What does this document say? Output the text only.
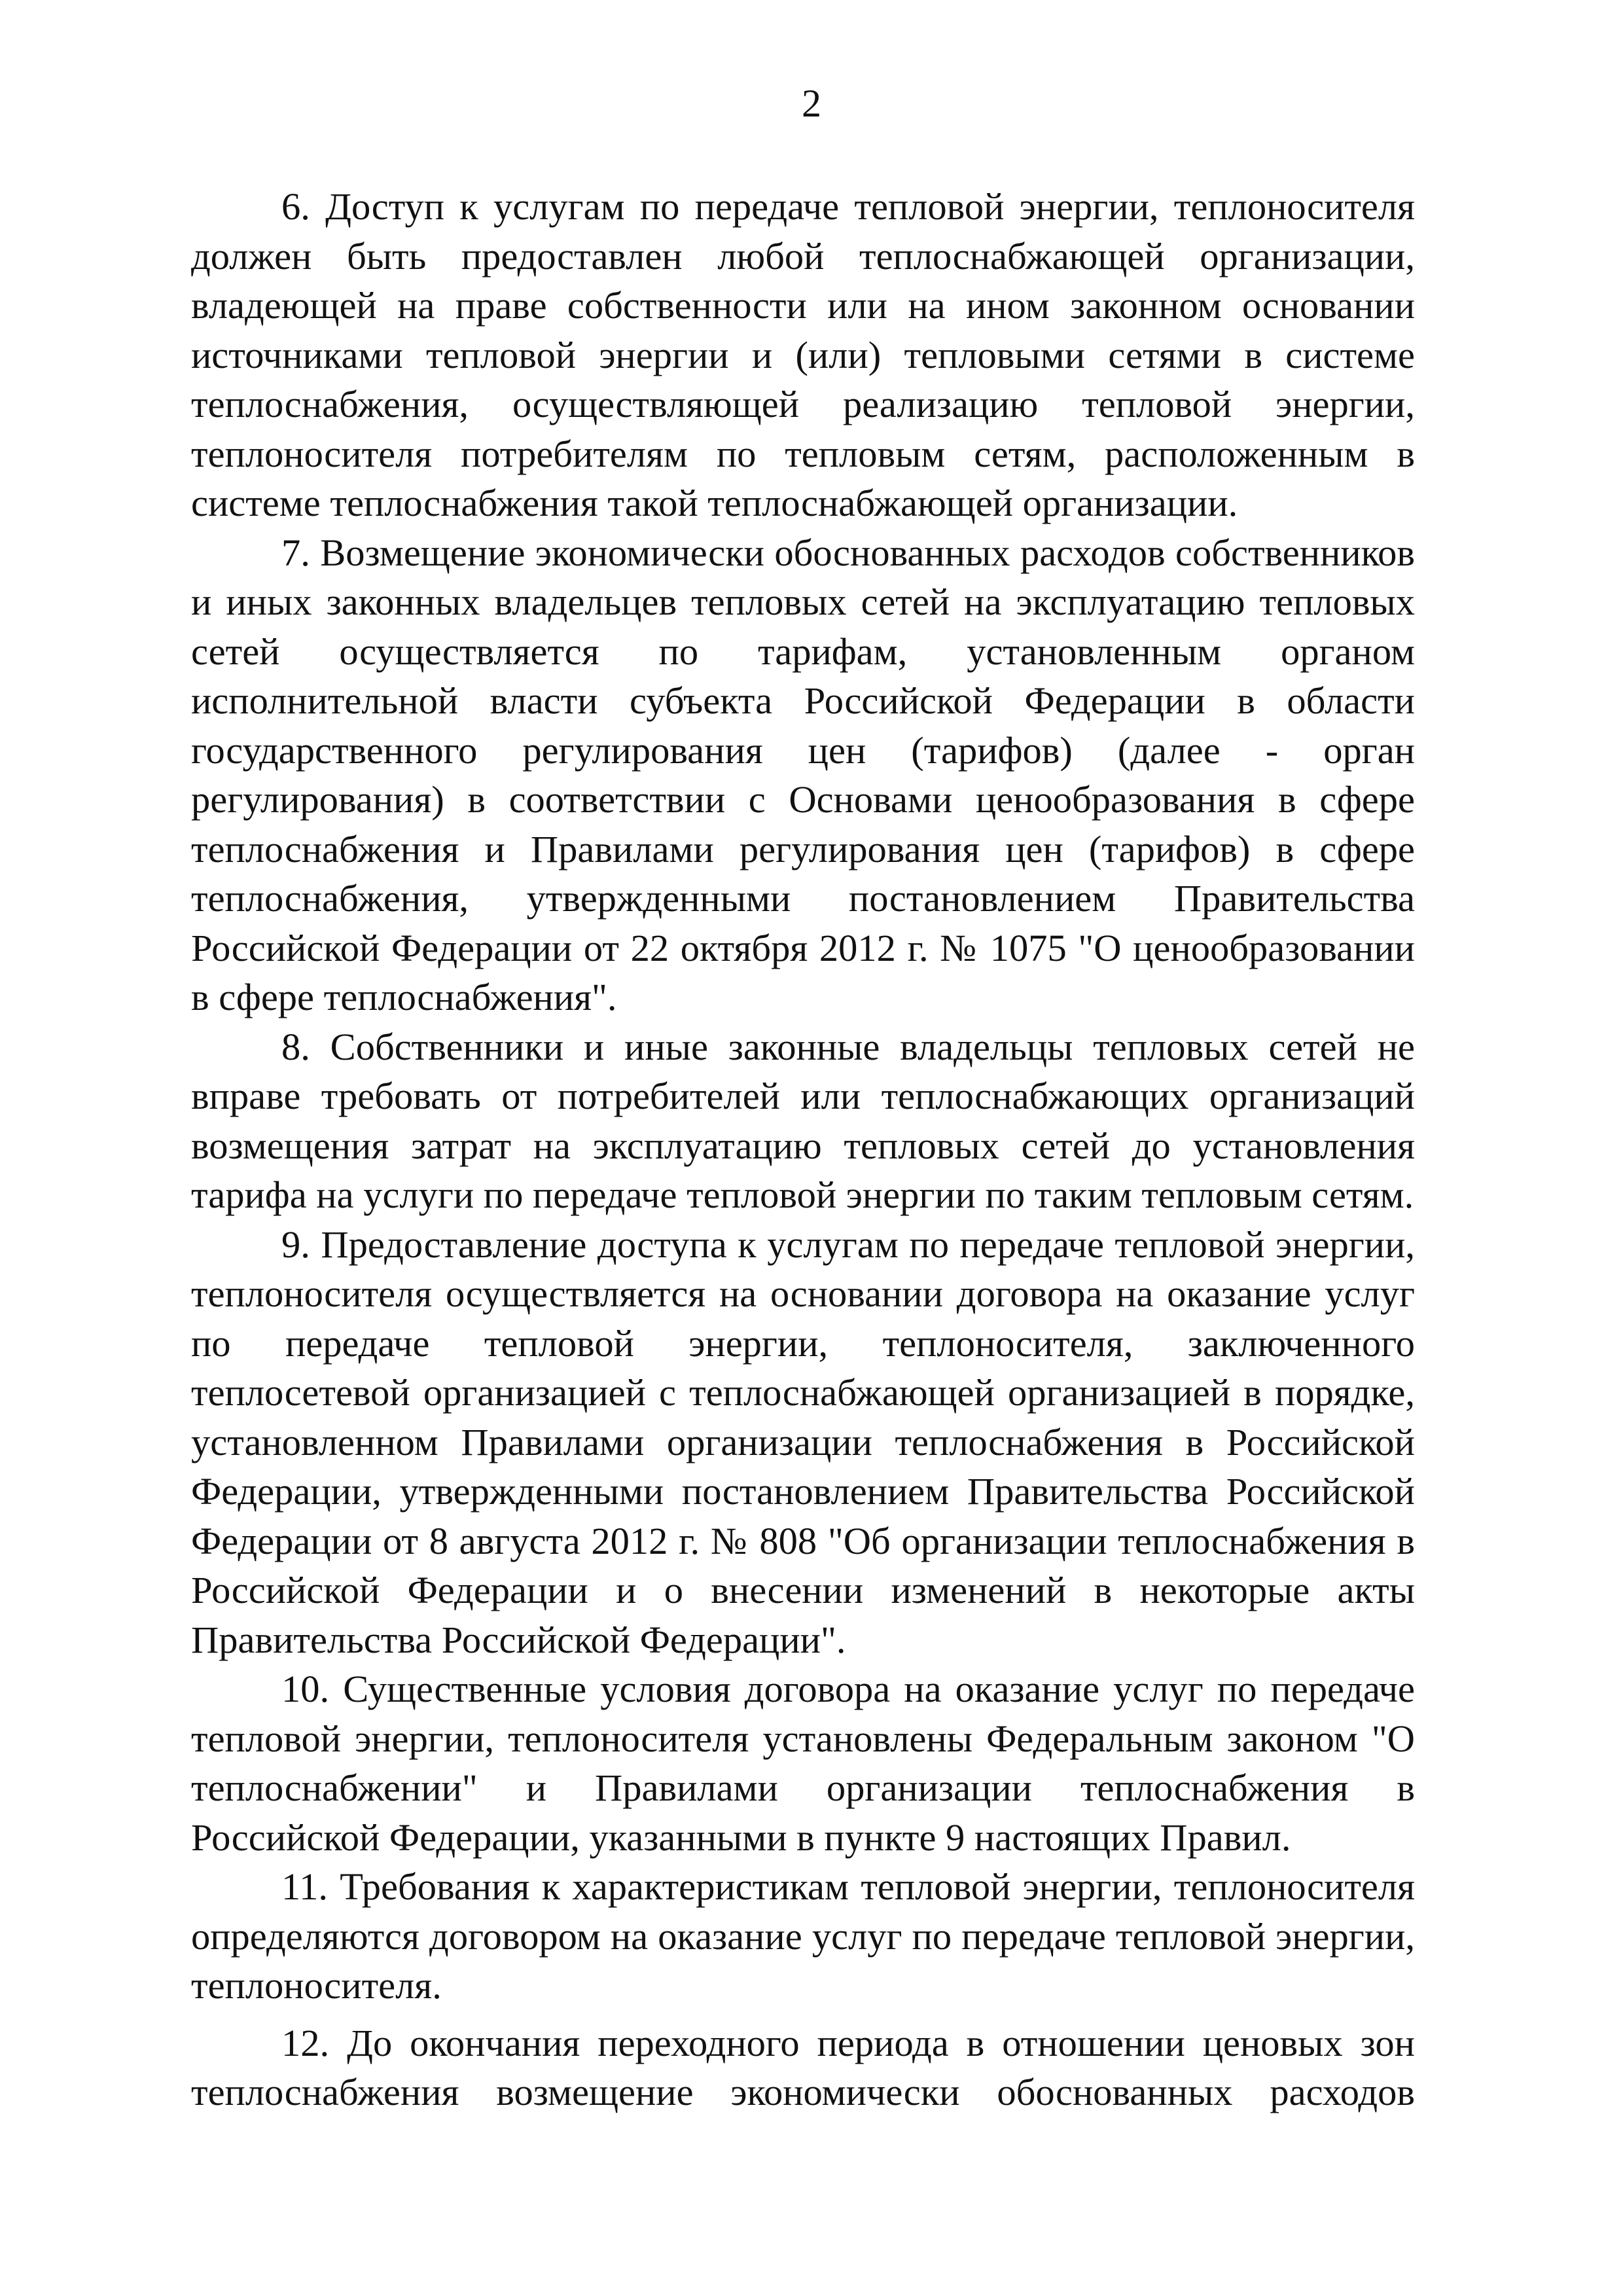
2

6. Доступ к услугам по передаче тепловой энергии, теплоносителя должен быть предоставлен любой теплоснабжающей организации, владеющей на праве собственности или на ином законном основании источниками тепловой энергии и (или) тепловыми сетями в системе теплоснабжения, осуществляющей реализацию тепловой энергии, теплоносителя потребителям по тепловым сетям, расположенным в системе теплоснабжения такой теплоснабжающей организации.

7. Возмещение экономически обоснованных расходов собственников и иных законных владельцев тепловых сетей на эксплуатацию тепловых сетей осуществляется по тарифам, установленным органом исполнительной власти субъекта Российской Федерации в области государственного регулирования цен (тарифов) (далее - орган регулирования) в соответствии с Основами ценообразования в сфере теплоснабжения и Правилами регулирования цен (тарифов) в сфере теплоснабжения, утвержденными постановлением Правительства Российской Федерации от 22 октября 2012 г. № 1075 "О ценообразовании в сфере теплоснабжения".

8. Собственники и иные законные владельцы тепловых сетей не вправе требовать от потребителей или теплоснабжающих организаций возмещения затрат на эксплуатацию тепловых сетей до установления тарифа на услуги по передаче тепловой энергии по таким тепловым сетям.

9. Предоставление доступа к услугам по передаче тепловой энергии, теплоносителя осуществляется на основании договора на оказание услуг по передаче тепловой энергии, теплоносителя, заключенного теплосетевой организацией с теплоснабжающей организацией в порядке, установленном Правилами организации теплоснабжения в Российской Федерации, утвержденными постановлением Правительства Российской Федерации от 8 августа 2012 г. № 808 "Об организации теплоснабжения в Российской Федерации и о внесении изменений в некоторые акты Правительства Российской Федерации".

10. Существенные условия договора на оказание услуг по передаче тепловой энергии, теплоносителя установлены Федеральным законом "О теплоснабжении" и Правилами организации теплоснабжения в Российской Федерации, указанными в пункте 9 настоящих Правил.

11. Требования к характеристикам тепловой энергии, теплоносителя определяются договором на оказание услуг по передаче тепловой энергии, теплоносителя.

12. До окончания переходного периода в отношении ценовых зон теплоснабжения возмещение экономически обоснованных расходов
